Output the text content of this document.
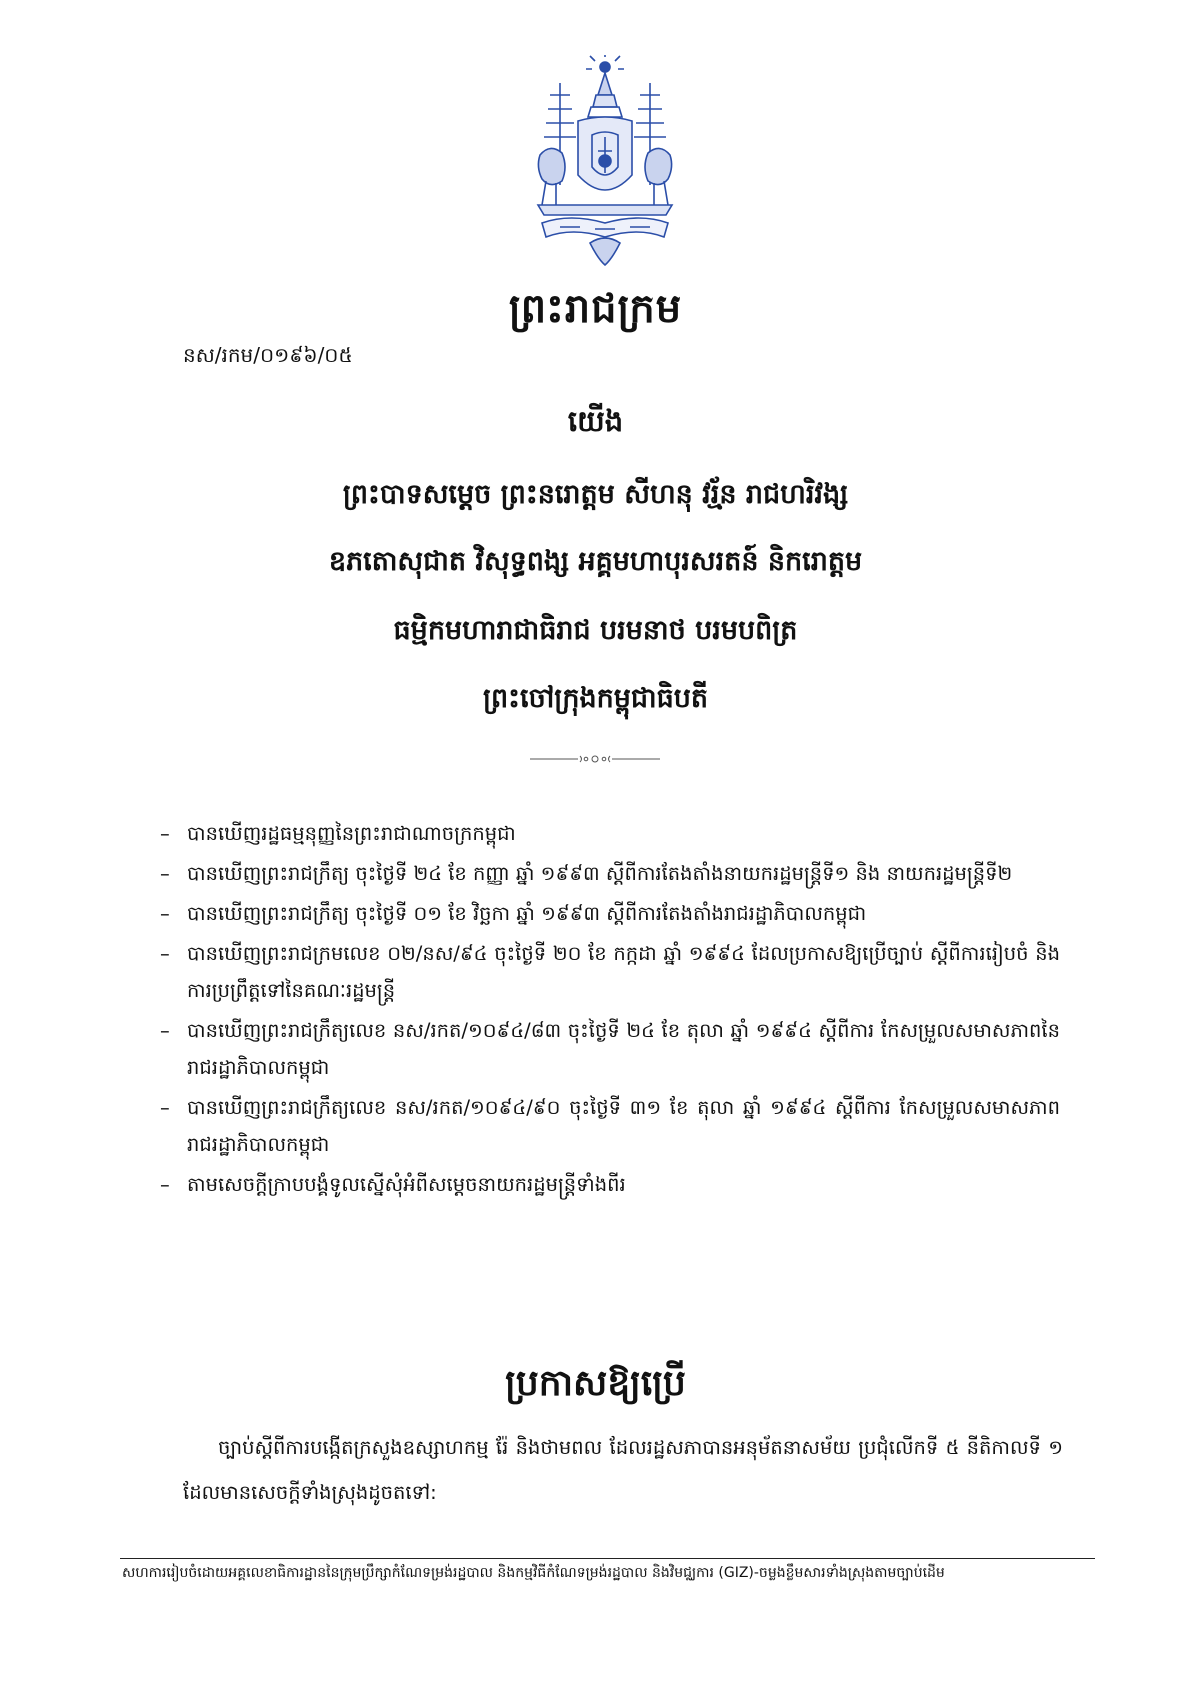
ព្រះរាជក្រម
នស/រកម/០១៩៦/០៥
យើង
ព្រះបាទសម្តេច ព្រះនរោត្តម សីហនុ វរ្ម័ន រាជហរិវង្ស
ឧភតោសុជាត វិសុទ្ធពង្ស អគ្គមហាបុរសរតន៍ និករោត្តម
ធម្មិកមហារាជាធិរាជ បរមនាថ បរមបពិត្រ
ព្រះចៅក្រុងកម្ពុជាធិបតី
– បានឃើញរដ្ឋធម្មនុញ្ញនៃព្រះរាជាណាចក្រកម្ពុជា
– បានឃើញព្រះរាជក្រឹត្យ ចុះថ្ងៃទី ២៤ ខែ កញ្ញា ឆ្នាំ ១៩៩៣ ស្តីពីការតែងតាំងនាយករដ្ឋមន្ត្រីទី១ និង នាយករដ្ឋមន្ត្រីទី២
– បានឃើញព្រះរាជក្រឹត្យ ចុះថ្ងៃទី ០១ ខែ វិច្ឆកា ឆ្នាំ ១៩៩៣ ស្តីពីការតែងតាំងរាជរដ្ឋាភិបាលកម្ពុជា
– បានឃើញព្រះរាជក្រមលេខ ០២/នស/៩៤ ចុះថ្ងៃទី ២០ ខែ កក្កដា ឆ្នាំ ១៩៩៤ ដែលប្រកាសឱ្យប្រើច្បាប់ ស្តីពីការរៀបចំ និងការប្រព្រឹត្តទៅនៃគណៈរដ្ឋមន្ត្រី
– បានឃើញព្រះរាជក្រឹត្យលេខ នស/រកត/១០៩៤/៨៣ ចុះថ្ងៃទី ២៤ ខែ តុលា ឆ្នាំ ១៩៩៤ ស្តីពីការ កែសម្រួលសមាសភាពនៃរាជរដ្ឋាភិបាលកម្ពុជា
– បានឃើញព្រះរាជក្រឹត្យលេខ នស/រកត/១០៩៤/៩០ ចុះថ្ងៃទី ៣១ ខែ តុលា ឆ្នាំ ១៩៩៤ ស្តីពីការ កែសម្រួលសមាសភាពរាជរដ្ឋាភិបាលកម្ពុជា
– តាមសេចក្តីក្រាបបង្គំទូលស្នើសុំអំពីសម្តេចនាយករដ្ឋមន្ត្រីទាំងពីរ
ប្រកាសឱ្យប្រើ
ច្បាប់ស្តីពីការបង្កើតក្រសួងឧស្សាហកម្ម រ៉ែ និងថាមពល ដែលរដ្ឋសភាបានអនុម័តនាសម័យ ប្រជុំលើកទី ៥ នីតិកាលទី ១ ដែលមានសេចក្តីទាំងស្រុងដូចតទៅ:
សហការរៀបចំដោយអគ្គលេខាធិការដ្ឋាននៃក្រុមប្រឹក្សាកំណែទម្រង់រដ្ឋបាល និងកម្មវិធីកំណែទម្រង់រដ្ឋបាល និងវិមជ្ឈការ (GIZ)-ចម្លងខ្លឹមសារទាំងស្រុងតាមច្បាប់ដើម
